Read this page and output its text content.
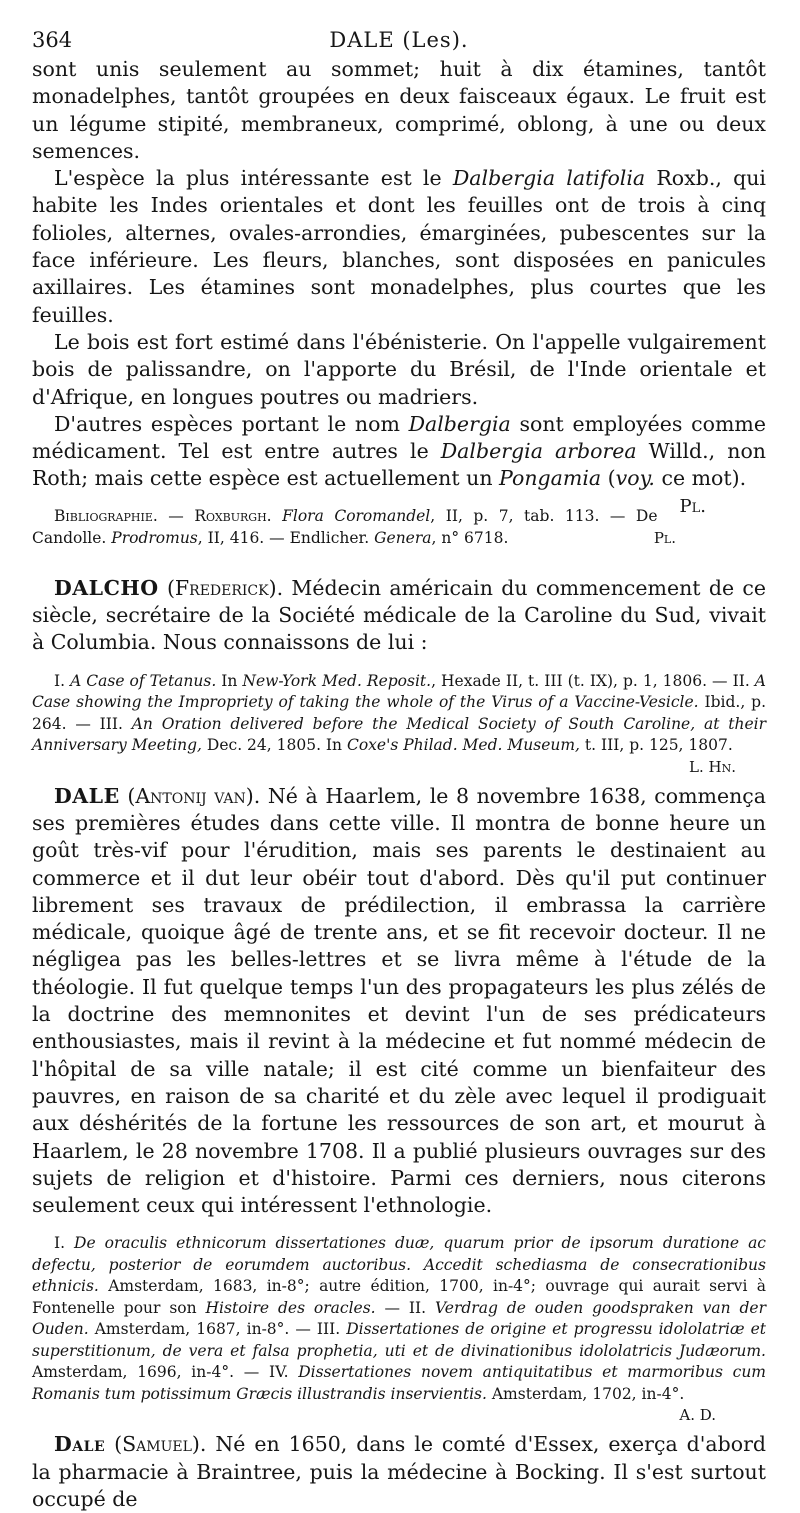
364	DALE (Les).

sont unis seulement au sommet; huit à dix étamines, tantôt monadelphes, tantôt groupées en deux faisceaux égaux. Le fruit est un légume stipité, membraneux, comprimé, oblong, à une ou deux semences.

L'espèce la plus intéressante est le Dalbergia latifolia Roxb., qui habite les Indes orientales et dont les feuilles ont de trois à cinq folioles, alternes, ovales-arrondies, émarginées, pubescentes sur la face inférieure. Les fleurs, blanches, sont disposées en panicules axillaires. Les étamines sont monadelphes, plus courtes que les feuilles.

Le bois est fort estimé dans l'ébénisterie. On l'appelle vulgairement bois de palissandre, on l'apporte du Brésil, de l'Inde orientale et d'Afrique, en longues poutres ou madriers.

D'autres espèces portant le nom Dalbergia sont employées comme médicament. Tel est entre autres le Dalbergia arborea Willd., non Roth; mais cette espèce est actuellement un Pongamia (voy. ce mot).
Pl.

Bibliographie. — Roxburgh. Flora Coromandel, II, p. 7, tab. 113. — De Candolle. Prodromus, II, 416. — Endlicher. Genera, n° 6718.	Pl.

DALCHO (Frederick). Médecin américain du commencement de ce siècle, secrétaire de la Société médicale de la Caroline du Sud, vivait à Columbia. Nous connaissons de lui :

I. A Case of Tetanus. In New-York Med. Reposit., Hexade II, t. III (t. IX), p. 1, 1806. — II. A Case showing the Impropriety of taking the whole of the Virus of a Vaccine-Vesicle. Ibid., p. 264. — III. An Oration delivered before the Medical Society of South Caroline, at their Anniversary Meeting, Dec. 24, 1805. In Coxe's Philad. Med. Museum, t. III, p. 125, 1807.
L. Hn.

DALE (Antonij van). Né à Haarlem, le 8 novembre 1638, commença ses premières études dans cette ville. Il montra de bonne heure un goût très-vif pour l'érudition, mais ses parents le destinaient au commerce et il dut leur obéir tout d'abord. Dès qu'il put continuer librement ses travaux de prédilection, il embrassa la carrière médicale, quoique âgé de trente ans, et se fit recevoir docteur. Il ne négligea pas les belles-lettres et se livra même à l'étude de la théologie. Il fut quelque temps l'un des propagateurs les plus zélés de la doctrine des memnonites et devint l'un de ses prédicateurs enthousiastes, mais il revint à la médecine et fut nommé médecin de l'hôpital de sa ville natale; il est cité comme un bienfaiteur des pauvres, en raison de sa charité et du zèle avec lequel il prodiguait aux déshérités de la fortune les ressources de son art, et mourut à Haarlem, le 28 novembre 1708. Il a publié plusieurs ouvrages sur des sujets de religion et d'histoire. Parmi ces derniers, nous citerons seulement ceux qui intéressent l'ethnologie.

I. De oraculis ethnicorum dissertationes duæ, quarum prior de ipsorum duratione ac defectu, posterior de eorumdem auctoribus. Accedit schediasma de consecrationibus ethnicis. Amsterdam, 1683, in-8°; autre édition, 1700, in-4°; ouvrage qui aurait servi à Fontenelle pour son Histoire des oracles. — II. Verdrag de ouden goodspraken van der Ouden. Amsterdam, 1687, in-8°. — III. Dissertationes de origine et progressu idololatriæ et superstitionum, de vera et falsa prophetia, uti et de divinationibus idololatricis Judæorum. Amsterdam, 1696, in-4°. — IV. Dissertationes novem antiquitatibus et marmoribus cum Romanis tum potissimum Græcis illustrandis inservientis. Amsterdam, 1702, in-4°.
A. D.

Dale (Samuel). Né en 1650, dans le comté d'Essex, exerça d'abord la pharmacie à Braintree, puis la médecine à Bocking. Il s'est surtout occupé de
